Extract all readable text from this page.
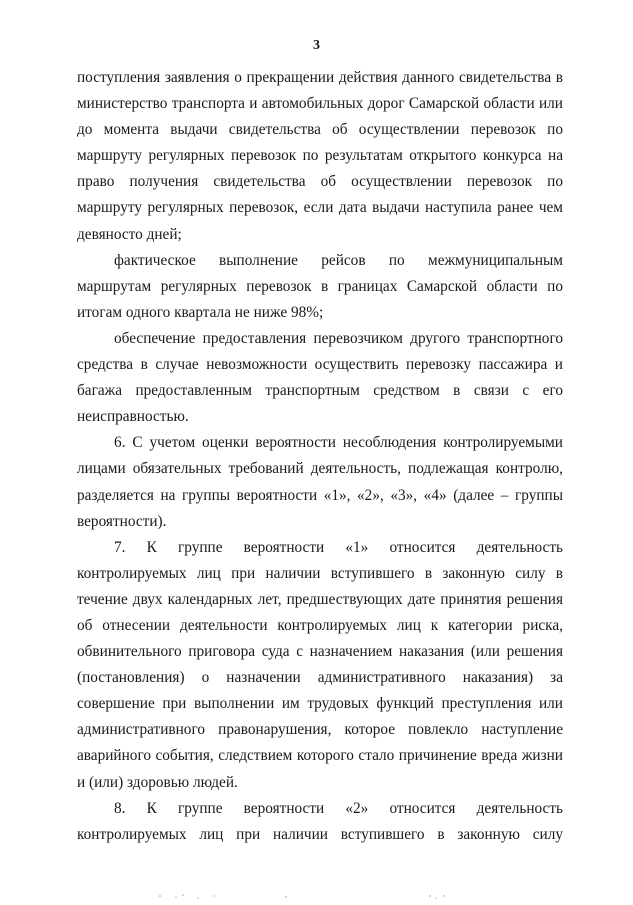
3

поступления заявления о прекращении действия данного свидетельства в министерство транспорта и автомобильных дорог Самарской области или до момента выдачи свидетельства об осуществлении перевозок по маршруту регулярных перевозок по результатам открытого конкурса на право получения свидетельства об осуществлении перевозок по маршруту регулярных перевозок, если дата выдачи наступила ранее чем девяносто дней;

фактическое выполнение рейсов по межмуниципальным маршрутам регулярных перевозок в границах Самарской области по итогам одного квартала не ниже 98%;

обеспечение предоставления перевозчиком другого транспортного средства в случае невозможности осуществить перевозку пассажира и багажа предоставленным транспортным средством в связи с его неисправностью.

6. С учетом оценки вероятности несоблюдения контролируемыми лицами обязательных требований деятельность, подлежащая контролю, разделяется на группы вероятности «1», «2», «3», «4» (далее – группы вероятности).

7. К группе вероятности «1» относится деятельность контролируемых лиц при наличии вступившего в законную силу в течение двух календарных лет, предшествующих дате принятия решения об отнесении деятельности контролируемых лиц к категории риска, обвинительного приговора суда с назначением наказания (или решения (постановления) о назначении административного наказания) за совершение при выполнении им трудовых функций преступления или административного правонарушения, которое повлекло наступление аварийного события, следствием которого стало причинение вреда жизни и (или) здоровью людей.

8. К группе вероятности «2» относится деятельность контролируемых лиц при наличии вступившего в законную силу
